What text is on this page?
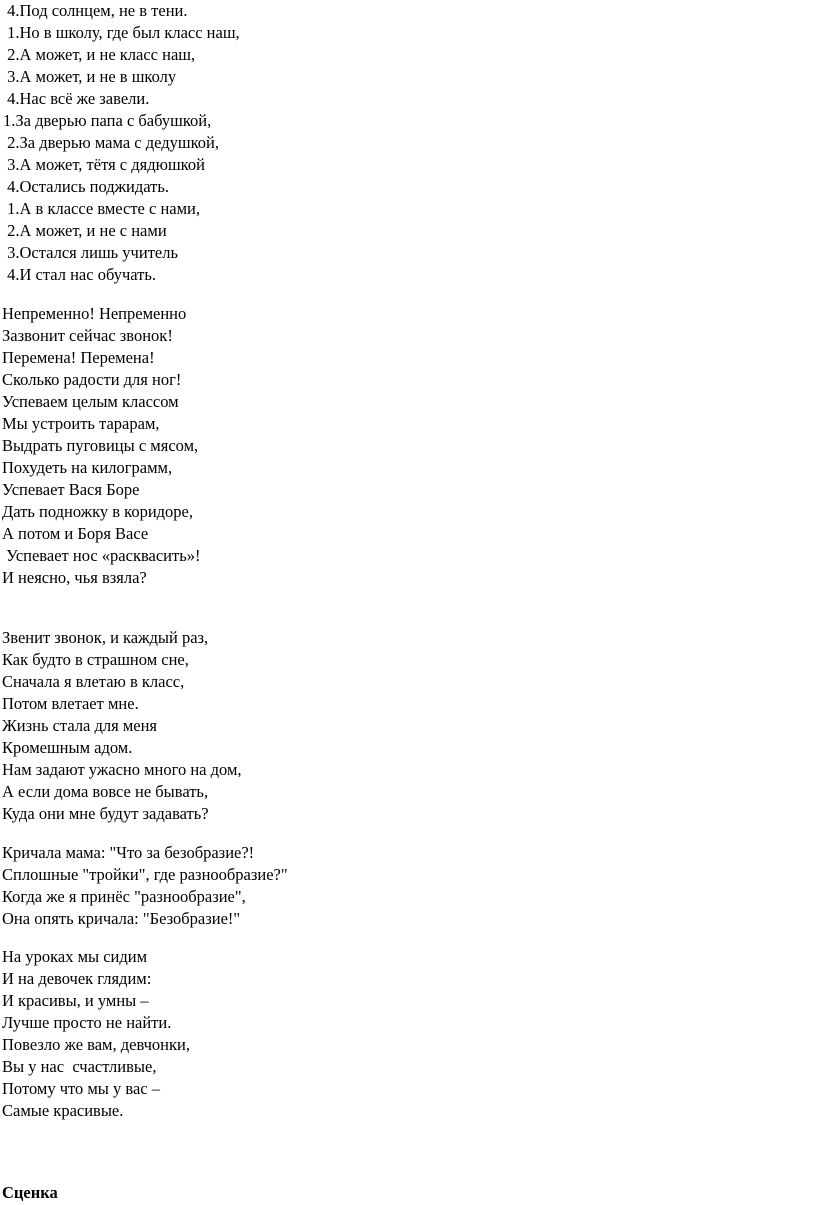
4.Под солнцем, не в тени.
1.Но в школу, где был класс наш,
2.А может, и не класс наш,
3.А может, и не в школу
4.Нас всё же завели.
1.За дверью папа с бабушкой,
2.За дверью мама с дедушкой,
3.А может, тётя с дядюшкой
4.Остались поджидать.
1.А в классе вместе с нами,
2.А может, и не с нами
3.Остался лишь учитель
4.И стал нас обучать.
Непременно! Непременно
Зазвонит сейчас звонок!
Перемена! Перемена!
Сколько радости для ног!
Успеваем целым классом
Мы устроить тарарам,
Выдрать пуговицы с мясом,
Похудеть на килограмм,
Успевает Вася Боре
Дать подножку в коридоре,
А потом и Боря Васе
Успевает нос «расквасить»!
И неясно, чья взяла?
Звенит звонок, и каждый раз,
Как будто в страшном сне,
Сначала я влетаю в класс,
Потом влетает мне.
Жизнь стала для меня
Кромешным адом.
Нам задают ужасно много на дом,
А если дома вовсе не бывать,
Куда они мне будут задавать?
Кричала мама: "Что за безобразие?!
Сплошные "тройки", где разнообразие?"
Когда же я принёс "разнообразие",
Она опять кричала: "Безобразие!"
На уроках мы сидим
И на девочек глядим:
И красивы, и умны –
Лучше просто не найти.
Повезло же вам, девчонки,
Вы у нас  счастливые,
Потому что мы у вас –
Самые красивые.
Сценка
